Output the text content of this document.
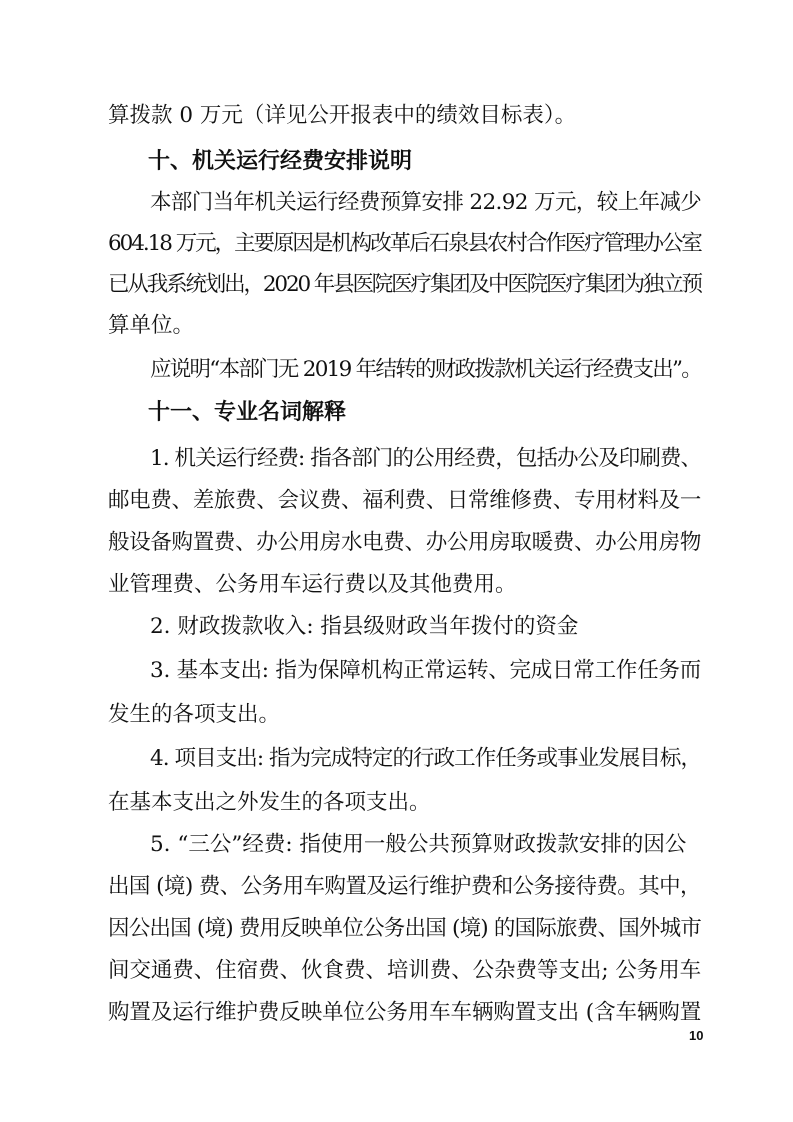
算拨款 0 万元（详见公开报表中的绩效目标表）。
十、机关运行经费安排说明
本部门当年机关运行经费预算安排 22.92 万元，较上年减少
604.18 万元，主要原因是机构改革后石泉县农村合作医疗管理办公室
已从我系统划出，2020 年县医院医疗集团及中医院医疗集团为独立预
算单位。
应说明“本部门无 2019 年结转的财政拨款机关运行经费支出”。
十一、专业名词解释
1. 机关运行经费: 指各部门的公用经费，包括办公及印刷费、
邮电费、差旅费、会议费、福利费、日常维修费、专用材料及一
般设备购置费、办公用房水电费、办公用房取暖费、办公用房物
业管理费、公务用车运行费以及其他费用。
2. 财政拨款收入: 指县级财政当年拨付的资金
3. 基本支出: 指为保障机构正常运转、完成日常工作任务而
发生的各项支出。
4. 项目支出: 指为完成特定的行政工作任务或事业发展目标，
在基本支出之外发生的各项支出。
5. “三公”经费: 指使用一般公共预算财政拨款安排的因公
出国 (境) 费、公务用车购置及运行维护费和公务接待费。其中，
因公出国 (境) 费用反映单位公务出国 (境) 的国际旅费、国外城市
间交通费、住宿费、伙食费、培训费、公杂费等支出; 公务用车
购置及运行维护费反映单位公务用车车辆购置支出 (含车辆购置
10
